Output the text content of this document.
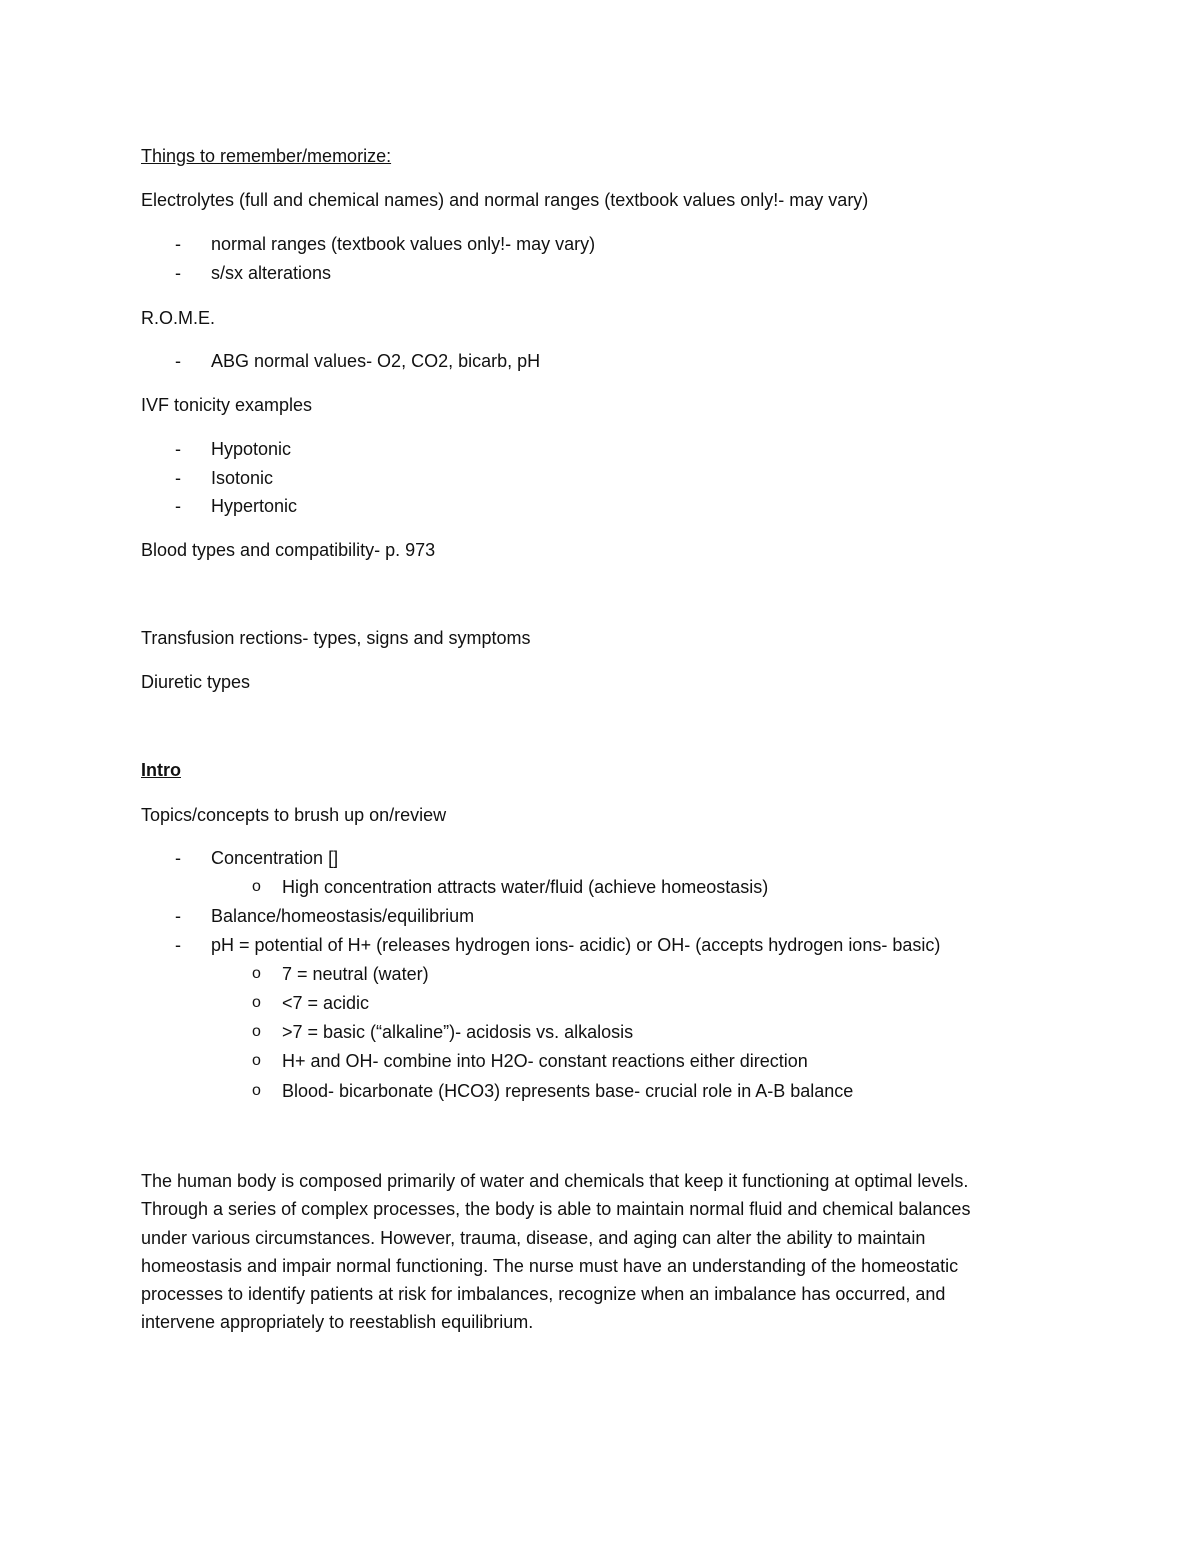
Things to remember/memorize:
Electrolytes (full and chemical names) and normal ranges (textbook values only!- may vary)
- normal ranges (textbook values only!- may vary)
- s/sx alterations
R.O.M.E.
- ABG normal values- O2, CO2, bicarb, pH
IVF tonicity examples
- Hypotonic
- Isotonic
- Hypertonic
Blood types and compatibility- p. 973
Transfusion rections- types, signs and symptoms
Diuretic types
Intro
Topics/concepts to brush up on/review
- Concentration []
o High concentration attracts water/fluid (achieve homeostasis)
- Balance/homeostasis/equilibrium
- pH = potential of H+ (releases hydrogen ions- acidic) or OH- (accepts hydrogen ions- basic)
o 7 = neutral (water)
o <7 = acidic
o >7 = basic (“alkaline”)- acidosis vs. alkalosis
o H+ and OH- combine into H2O- constant reactions either direction
o Blood- bicarbonate (HCO3) represents base- crucial role in A-B balance
The human body is composed primarily of water and chemicals that keep it functioning at optimal levels.
Through a series of complex processes, the body is able to maintain normal fluid and chemical balances
under various circumstances. However, trauma, disease, and aging can alter the ability to maintain
homeostasis and impair normal functioning. The nurse must have an understanding of the homeostatic
processes to identify patients at risk for imbalances, recognize when an imbalance has occurred, and
intervene appropriately to reestablish equilibrium.
